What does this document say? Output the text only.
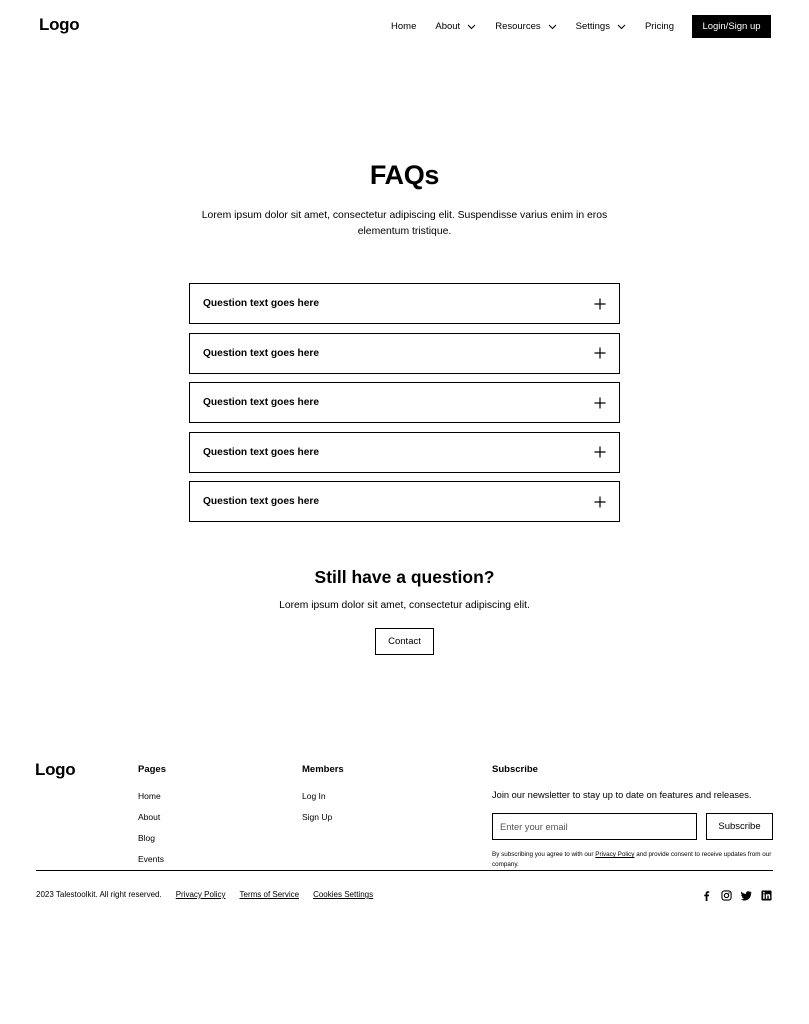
Logo	Home About	Resources	Settings	Pricing	Login/Sign up
FAQs

Lorem ipsum dolor sit amet, consectetur adipiscing elit. Suspendisse varius enim in eros elementum tristique.

Question text goes here
Question text goes here
Question text goes here
Question text goes here
Question text goes here
Still have a question?

Lorem ipsum dolor sit amet, consectetur adipiscing elit.

Contact
Logo	Pages
Home
About
Blog
Events
Members
Log In
Sign Up
Subscribe
Join our newsletter to stay up to date on features and releases.
Enter your email
Subscribe
By subscribing you agree to with our Privacy Policy and provide consent to receive updates from our company.
2023 Talestoolkit. All right reserved. Privacy Policy Terms of Service Cookies Settings
